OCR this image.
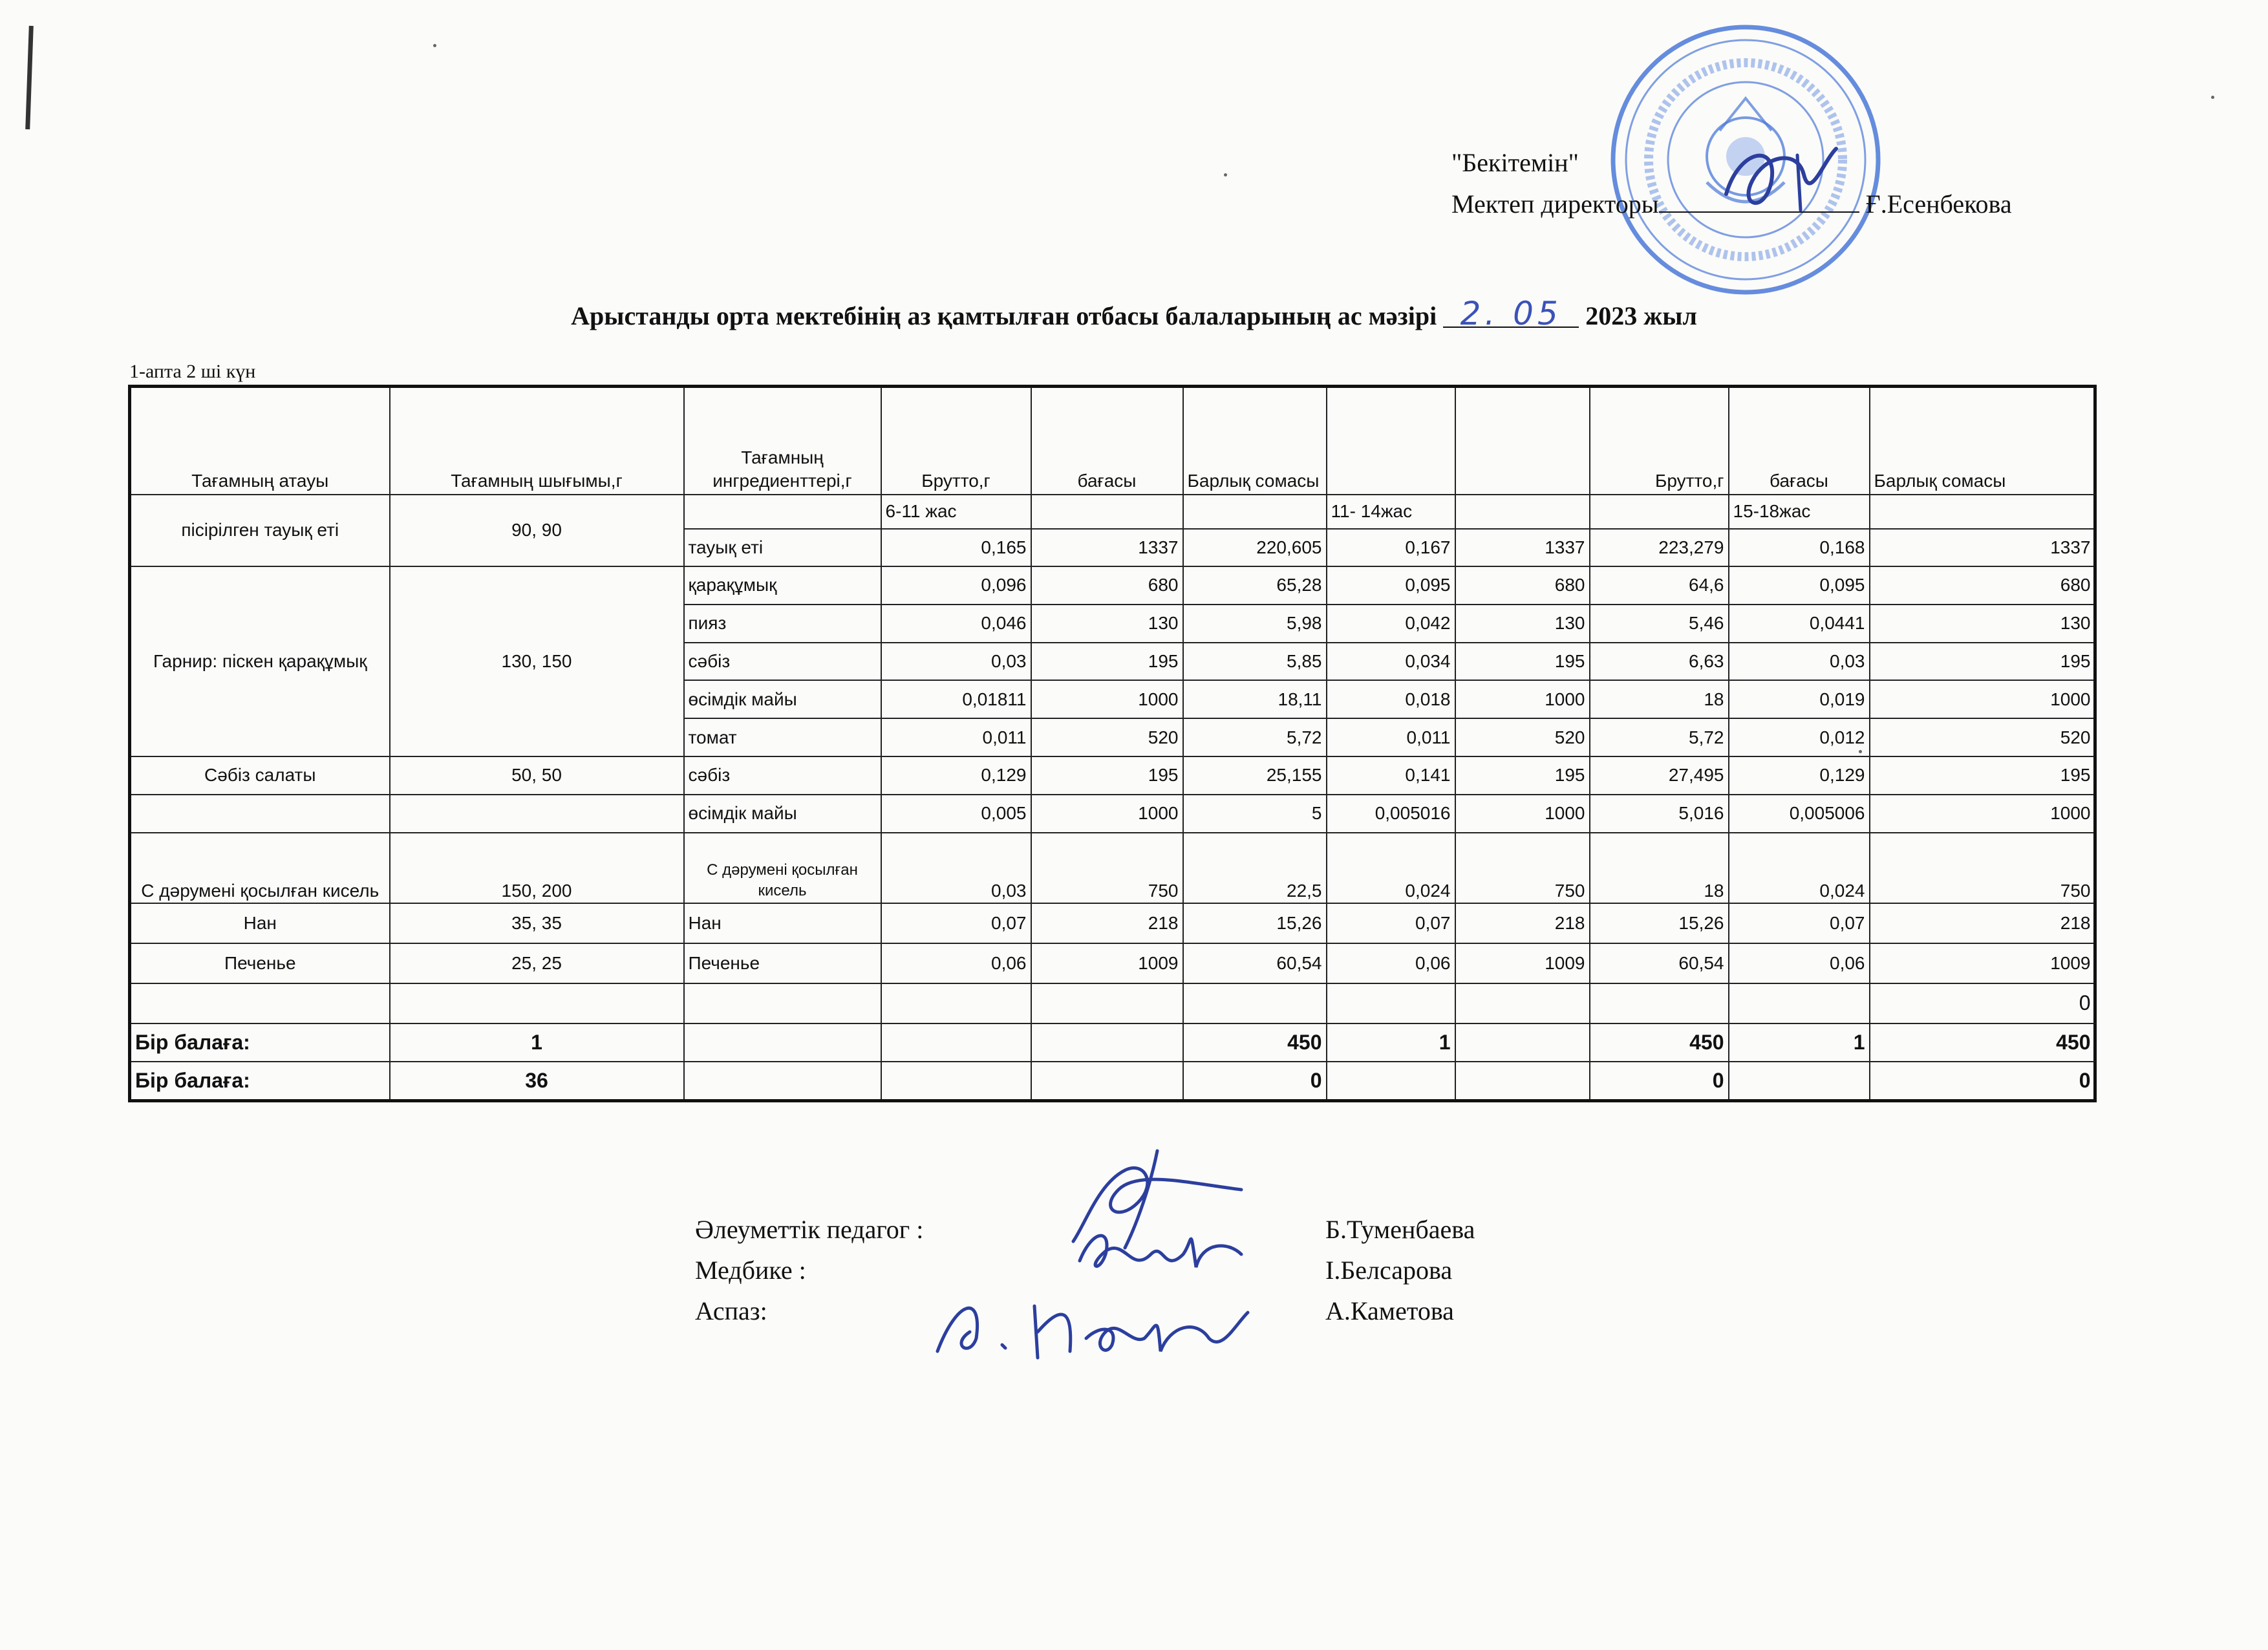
"Бекітемін"
Мектеп директоры	Ғ.Есенбекова
Арыстанды орта мектебінің аз қамтылған отбасы балаларының ас мәзірі 2. 05 2023 жыл
1-апта 2 ші күн
Тағамның атауы	Тағамның шығымы,г	Тағамның ингредиенттері,г	Брутто,г	бағасы	Барлық сомасы			Брутто,г	бағасы	Барлық сомасы	
пісірілген тауық еті	90, 90		6-11 жас			11- 14жас			15-18жас		
		тауық еті	0,165	1337	220,605	0,167	1337	223,279	0,168	1337	
Гарнир: піскен қарақұмық	130, 150	қарақұмық	0,096	680	65,28	0,095	680	64,6	0,095	680	
		пияз	0,046	130	5,98	0,042	130	5,46	0,0441	130	
		сәбіз	0,03	195	5,85	0,034	195	6,63	0,03	195	
		өсімдік майы	0,01811	1000	18,11	0,018	1000	18	0,019	1000	
		томат	0,011	520	5,72	0,011	520	5,72	0,012	520	
Сәбіз салаты	50, 50	сәбіз	0,129	195	25,155	0,141	195	27,495	0,129	195	
		өсімдік майы	0,005	1000	5	0,005016	1000	5,016	0,005006	1000	
С дәрумені қосылған кисель	150, 200	С дәрумені қосылған кисель	0,03	750	22,5	0,024	750	18	0,024	750	
Нан	35, 35	Нан	0,07	218	15,26	0,07	218	15,26	0,07	218	
Печенье	25, 25	Печенье	0,06	1009	60,54	0,06	1009	60,54	0,06	1009	
										0	
Бір балаға:	1				450	1		450	1	450	
Бір балаға:	36				0			0		0	
Әлеуметтік педагог :
Медбике :
Аспаз:
Б.Туменбаева
І.Белсарова
А.Каметова
